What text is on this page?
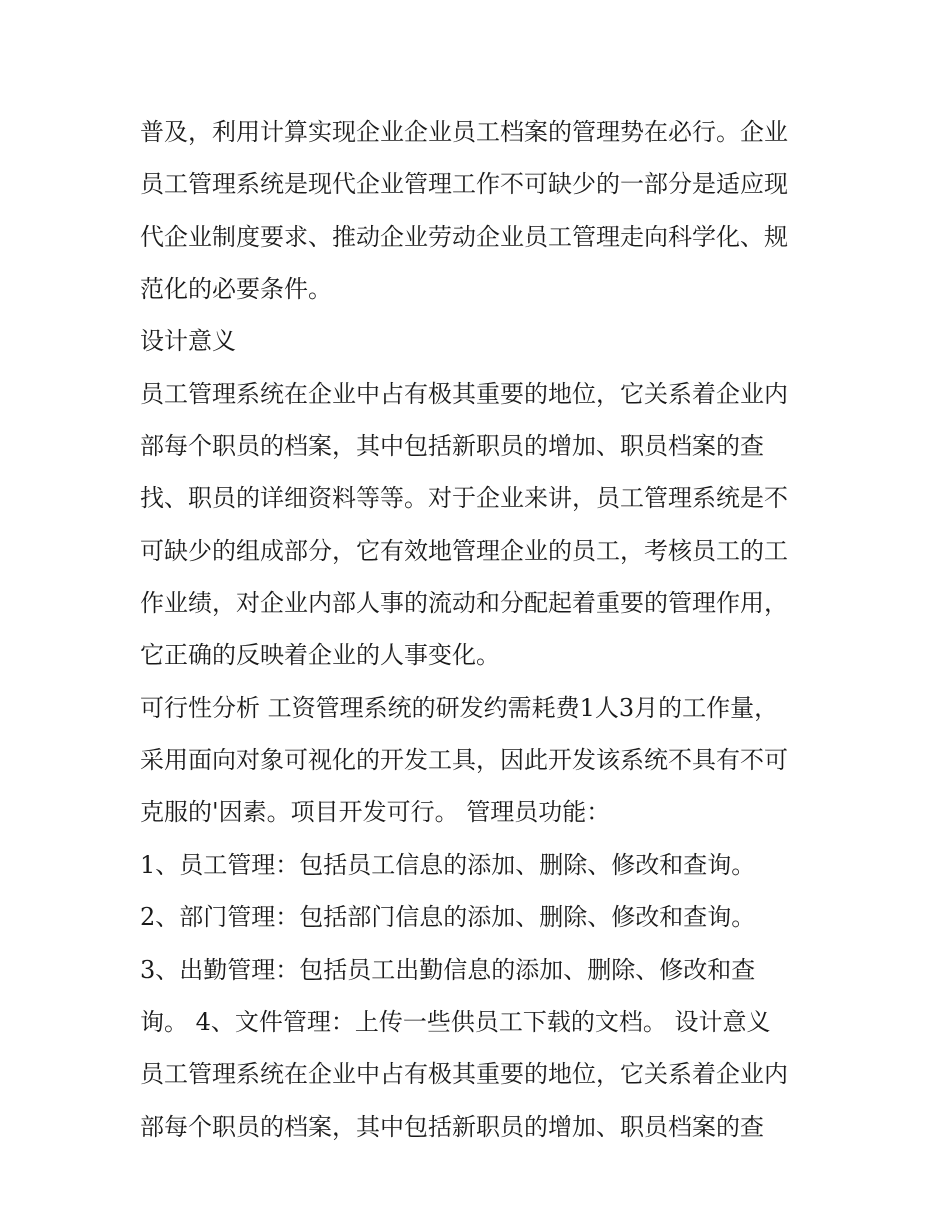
普及，利用计算实现企业企业员工档案的管理势在必行。企业
员工管理系统是现代企业管理工作不可缺少的一部分是适应现
代企业制度要求、推动企业劳动企业员工管理走向科学化、规
范化的必要条件。
设计意义
员工管理系统在企业中占有极其重要的地位，它关系着企业内
部每个职员的档案，其中包括新职员的增加、职员档案的查
找、职员的详细资料等等。对于企业来讲，员工管理系统是不
可缺少的组成部分，它有效地管理企业的员工，考核员工的工
作业绩，对企业内部人事的流动和分配起着重要的管理作用，
它正确的反映着企业的人事变化。
可行性分析 工资管理系统的研发约需耗费1人3月的工作量，
采用面向对象可视化的开发工具，因此开发该系统不具有不可
克服的'因素。项目开发可行。 管理员功能：
1、员工管理：包括员工信息的添加、删除、修改和查询。
2、部门管理：包括部门信息的添加、删除、修改和查询。
3、出勤管理：包括员工出勤信息的添加、删除、修改和查
询。 4、文件管理：上传一些供员工下载的文档。 设计意义
员工管理系统在企业中占有极其重要的地位，它关系着企业内
部每个职员的档案，其中包括新职员的增加、职员档案的查
